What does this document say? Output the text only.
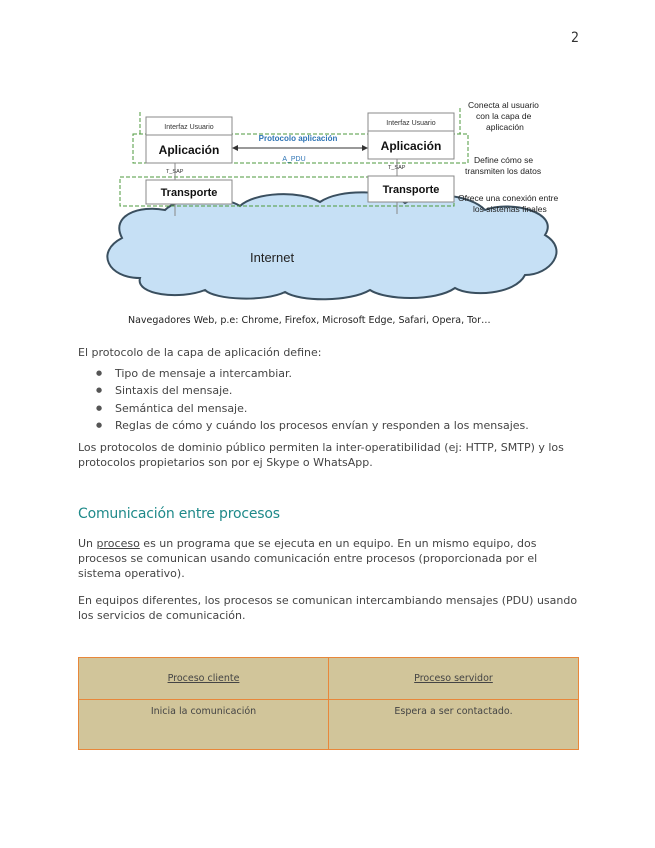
2
Internet
Interfaz Usuario
Aplicación
T_SAP
Transporte
Interfaz Usuario
Aplicación
T_SAP
Transporte
Protocolo aplicación
A_PDU
Conecta al usuario con la capa de aplicación
Define cómo se transmiten los datos
Ofrece una conexión entre los sistemas finales
Navegadores Web, p.e: Chrome, Firefox, Microsoft Edge, Safari, Opera, Tor…
El protocolo de la capa de aplicación define:
● Tipo de mensaje a intercambiar.
● Sintaxis del mensaje.
● Semántica del mensaje.
● Reglas de cómo y cuándo los procesos envían y responden a los mensajes.
Los protocolos de dominio público permiten la inter-operatibilidad (ej: HTTP, SMTP) y los
protocolos propietarios son por ej Skype o WhatsApp.
Comunicación entre procesos
Un proceso es un programa que se ejecuta en un equipo. En un mismo equipo, dos
procesos se comunican usando comunicación entre procesos (proporcionada por el
sistema operativo).
En equipos diferentes, los procesos se comunican intercambiando mensajes (PDU) usando
los servicios de comunicación.
Proceso cliente	Proceso servidor
Inicia la comunicación	Espera a ser contactado.
